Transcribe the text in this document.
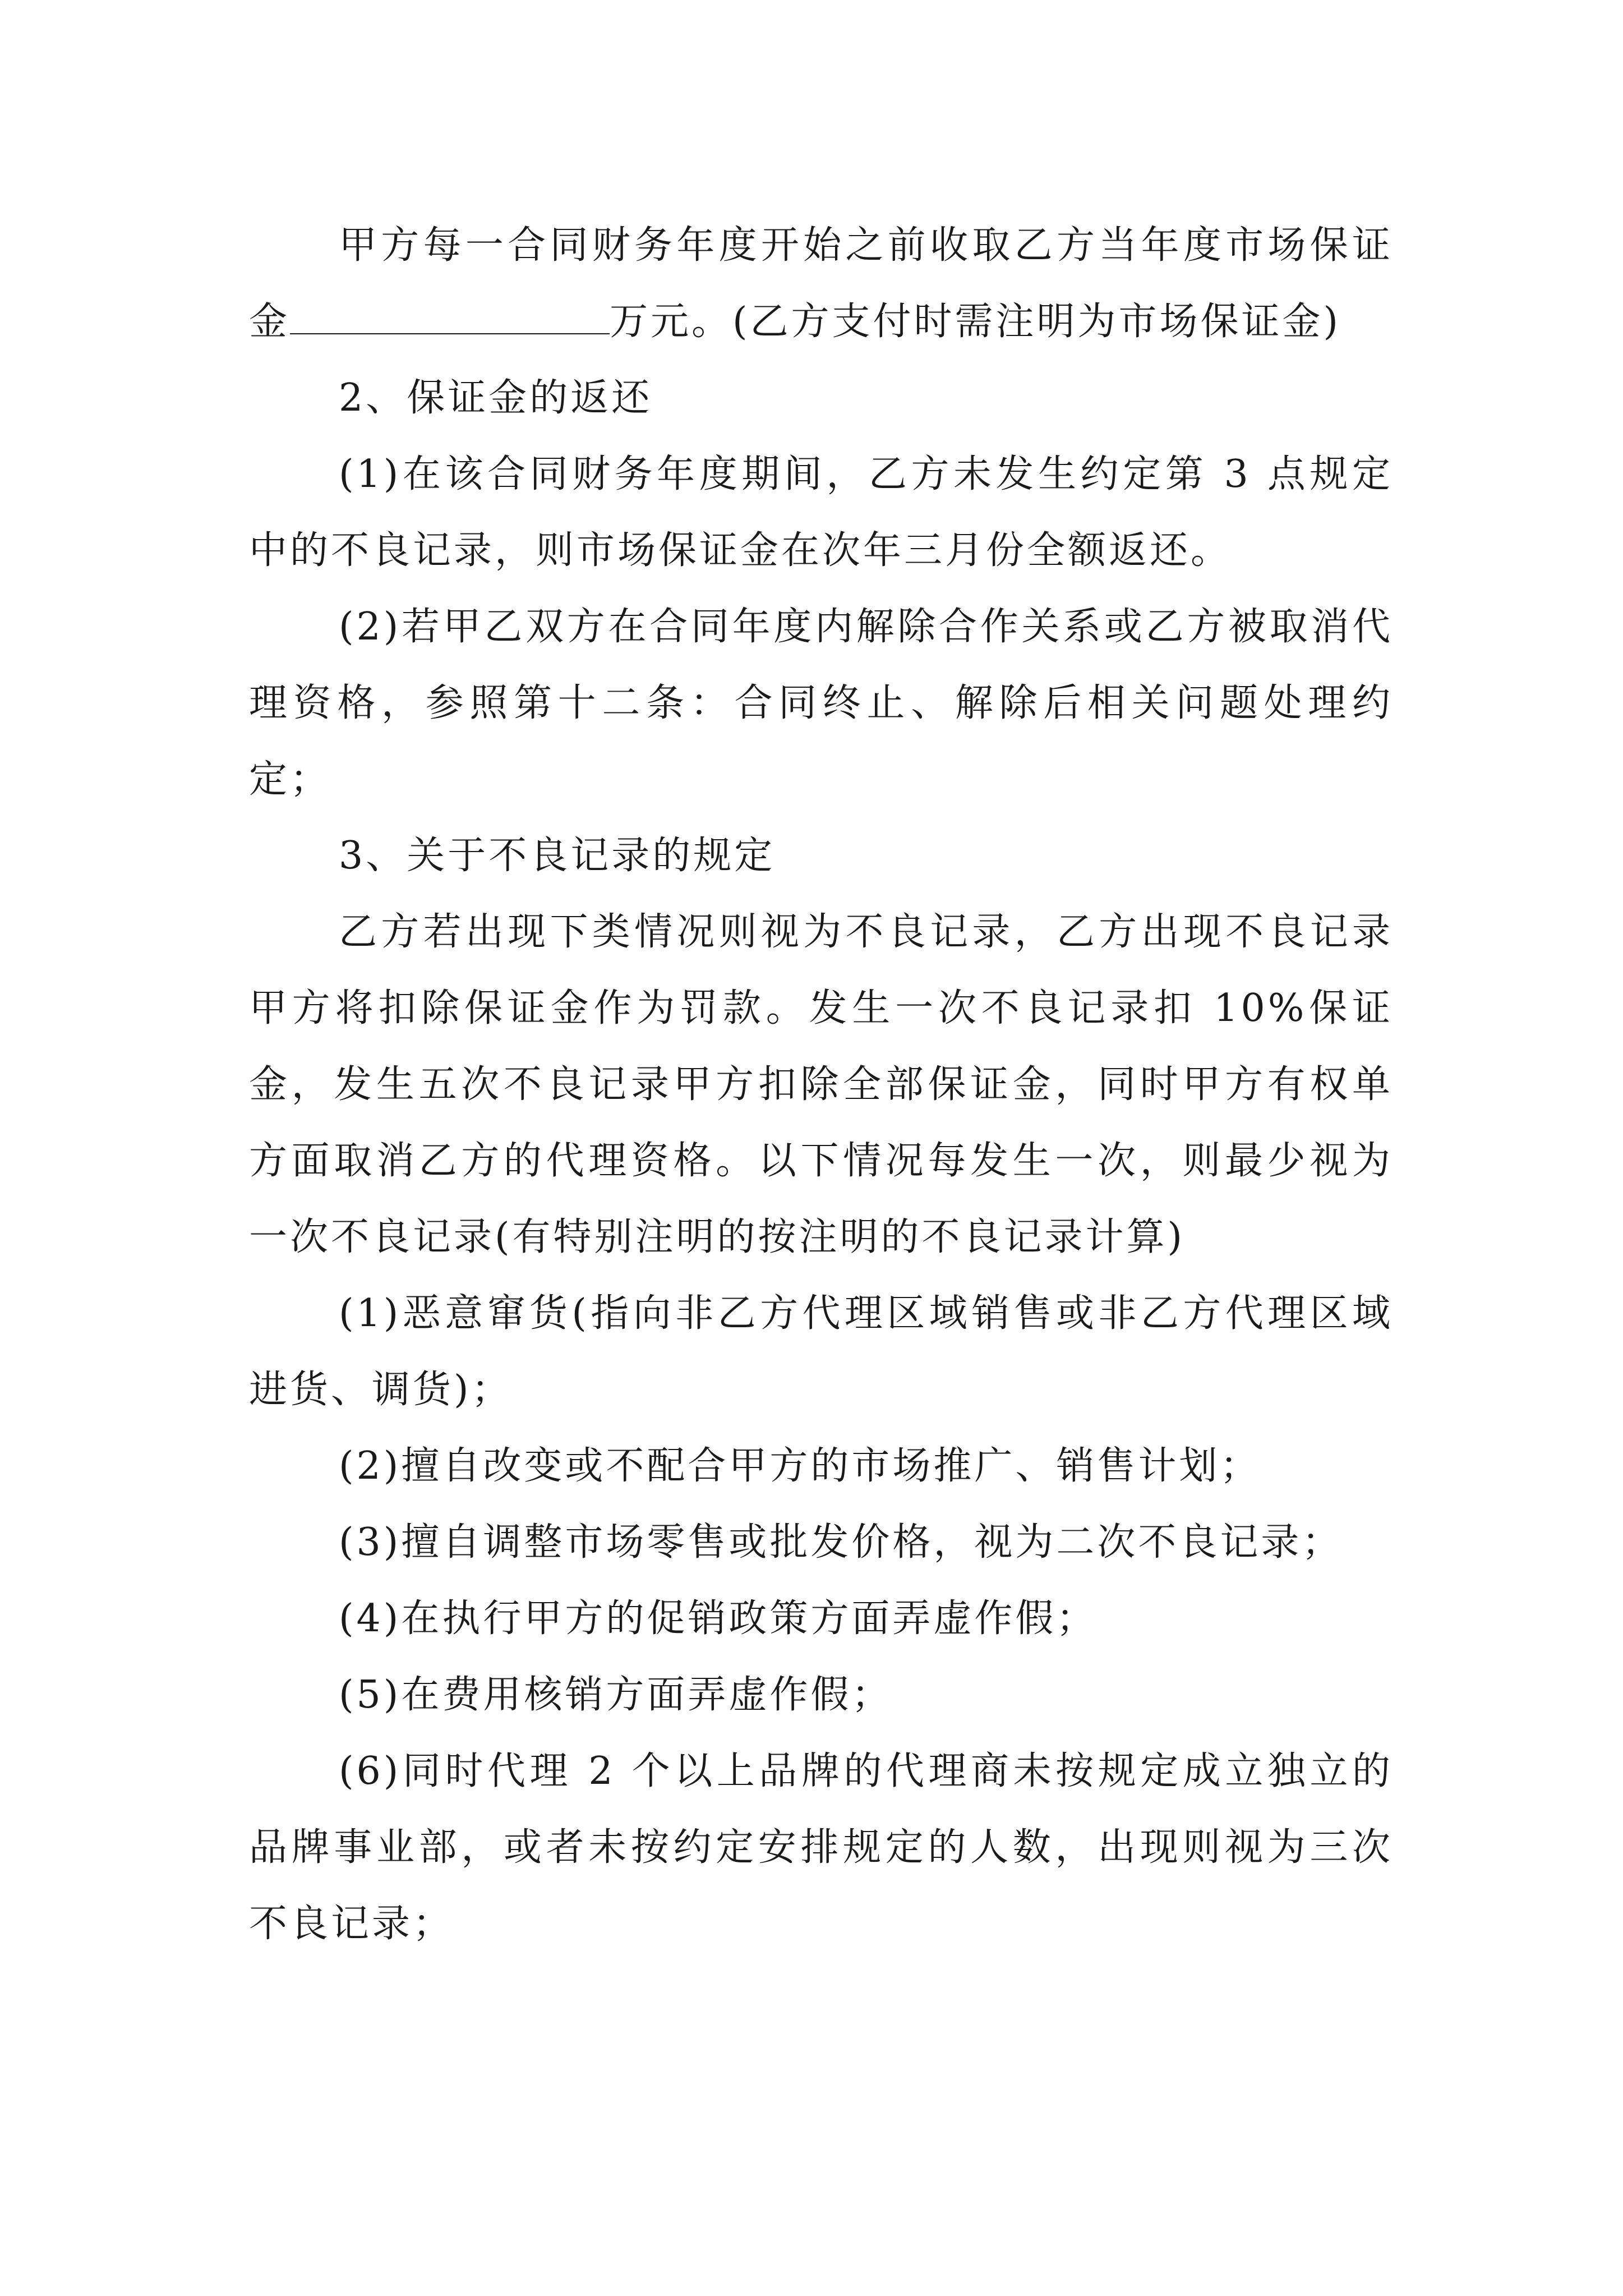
甲方每一合同财务年度开始之前收取乙方当年度市场保证金	万元。(乙方支付时需注明为市场保证金)

2、保证金的返还

(1)在该合同财务年度期间，乙方未发生约定第 3 点规定中的不良记录，则市场保证金在次年三月份全额返还。

(2)若甲乙双方在合同年度内解除合作关系或乙方被取消代理资格，参照第十二条：合同终止、解除后相关问题处理约定；

3、关于不良记录的规定

乙方若出现下类情况则视为不良记录，乙方出现不良记录甲方将扣除保证金作为罚款。发生一次不良记录扣 10%保证金，发生五次不良记录甲方扣除全部保证金，同时甲方有权单方面取消乙方的代理资格。以下情况每发生一次，则最少视为一次不良记录(有特别注明的按注明的不良记录计算)

(1)恶意窜货(指向非乙方代理区域销售或非乙方代理区域进货、调货)；

(2)擅自改变或不配合甲方的市场推广、销售计划；

(3)擅自调整市场零售或批发价格，视为二次不良记录；

(4)在执行甲方的促销政策方面弄虚作假；

(5)在费用核销方面弄虚作假；

(6)同时代理 2 个以上品牌的代理商未按规定成立独立的品牌事业部，或者未按约定安排规定的人数，出现则视为三次不良记录；
